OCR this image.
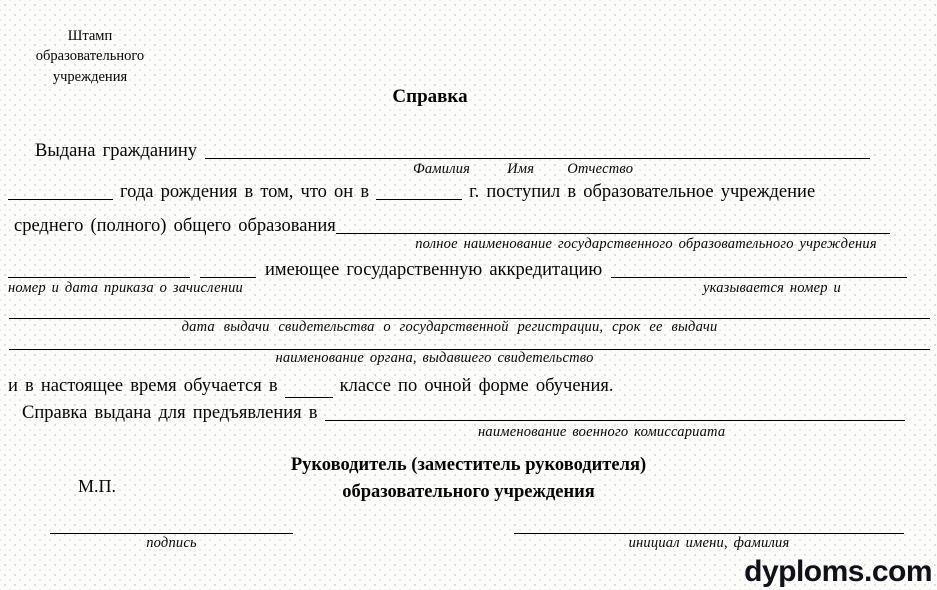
Штамп
образовательного
учреждения
Справка
Выдана гражданину
Фамилия	Имя Отчество
года рождения в том, что он в	г. поступил в образовательное учреждение
среднего (полного) общего образования
полное наименование государственного образовательного учреждения
имеющее государственную аккредитацию
номер и дата приказа о зачислении	указывается номер и
дата выдачи свидетельства о государственной регистрации, срок ее выдачи
наименование органа, выдавшего свидетельство
и в настоящее время обучается в	классе по очной форме обучения.
Справка выдана для предъявления в
наименование военного комиссариата
Руководитель (заместитель руководителя)
образовательного учреждения
М.П.
подпись	инициал имени, фамилия
dyploms.com
